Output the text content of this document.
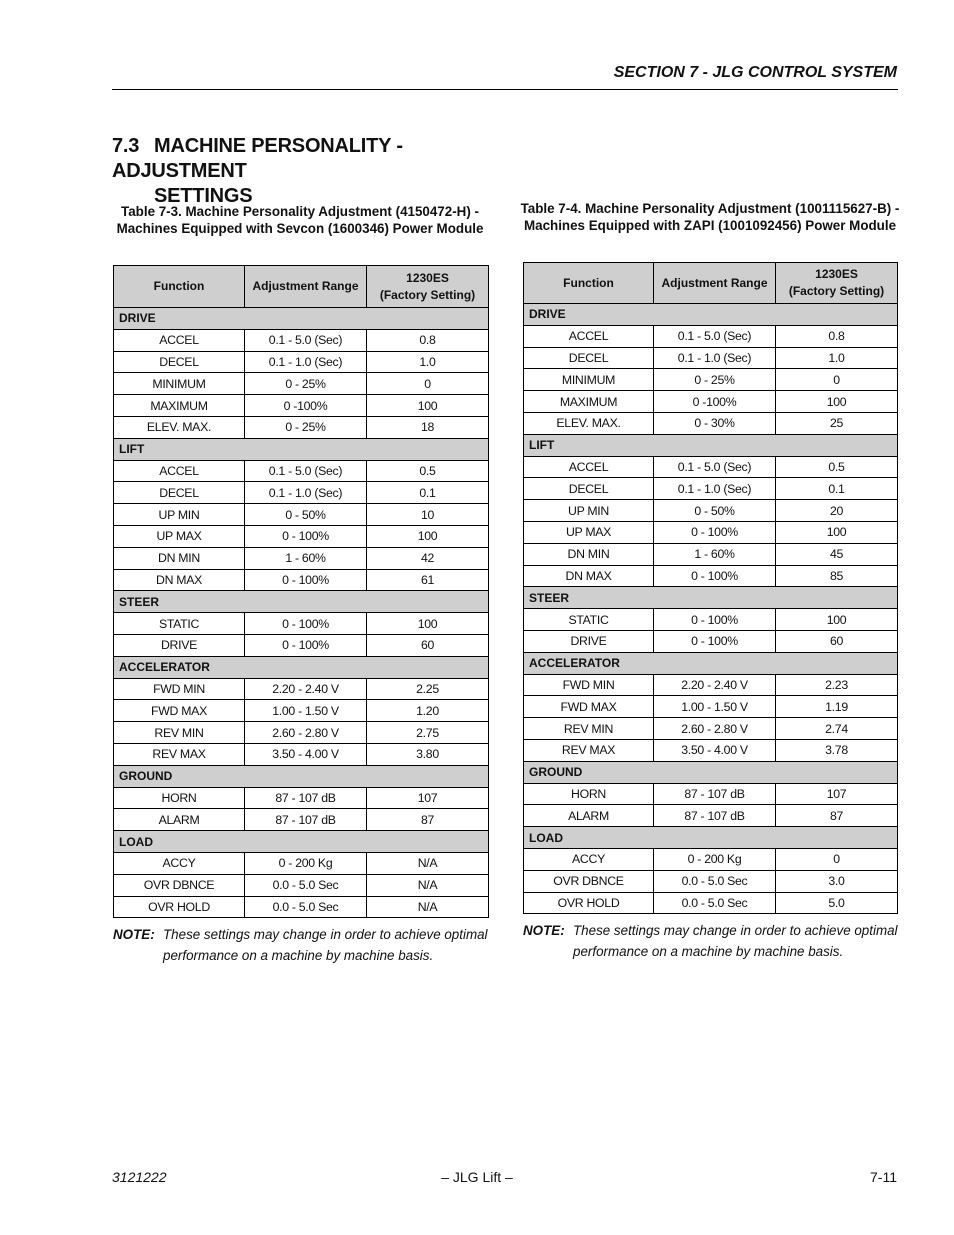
SECTION 7 - JLG CONTROL SYSTEM
7.3 MACHINE PERSONALITY - ADJUSTMENT
SETTINGS
Table 7-3. Machine Personality Adjustment (4150472-H) - Machines Equipped with Sevcon (1600346) Power Module
Function	Adjustment Range	1230ES
(Factory Setting)
DRIVE		
ACCEL	0.1 - 5.0 (Sec)	0.8
DECEL	0.1 - 1.0 (Sec)	1.0
MINIMUM	0 - 25%	0
MAXIMUM	0 -100%	100
ELEV. MAX.	0 - 25%	18
LIFT		
ACCEL	0.1 - 5.0 (Sec)	0.5
DECEL	0.1 - 1.0 (Sec)	0.1
UP MIN	0 - 50%	10
UP MAX	0 - 100%	100
DN MIN	1 - 60%	42
DN MAX	0 - 100%	61
STEER		
STATIC	0 - 100%	100
DRIVE	0 - 100%	60
ACCELERATOR		
FWD MIN	2.20 - 2.40 V	2.25
FWD MAX	1.00 - 1.50 V	1.20
REV MIN	2.60 - 2.80 V	2.75
REV MAX	3.50 - 4.00 V	3.80
GROUND		
HORN	87 - 107 dB	107
ALARM	87 - 107 dB	87
LOAD		
ACCY	0 - 200 Kg	N/A
OVR DBNCE	0.0 - 5.0 Sec	N/A
OVR HOLD	0.0 - 5.0 Sec	N/A
NOTE: These settings may change in order to achieve optimal performance on a machine by machine basis.
Table 7-4. Machine Personality Adjustment (1001115627-B) - Machines Equipped with ZAPI (1001092456) Power Module
Function	Adjustment Range	1230ES
(Factory Setting)
DRIVE		
ACCEL	0.1 - 5.0 (Sec)	0.8
DECEL	0.1 - 1.0 (Sec)	1.0
MINIMUM	0 - 25%	0
MAXIMUM	0 -100%	100
ELEV. MAX.	0 - 30%	25
LIFT		
ACCEL	0.1 - 5.0 (Sec)	0.5
DECEL	0.1 - 1.0 (Sec)	0.1
UP MIN	0 - 50%	20
UP MAX	0 - 100%	100
DN MIN	1 - 60%	45
DN MAX	0 - 100%	85
STEER		
STATIC	0 - 100%	100
DRIVE	0 - 100%	60
ACCELERATOR		
FWD MIN	2.20 - 2.40 V	2.23
FWD MAX	1.00 - 1.50 V	1.19
REV MIN	2.60 - 2.80 V	2.74
REV MAX	3.50 - 4.00 V	3.78
GROUND		
HORN	87 - 107 dB	107
ALARM	87 - 107 dB	87
LOAD		
ACCY	0 - 200 Kg	0
OVR DBNCE	0.0 - 5.0 Sec	3.0
OVR HOLD	0.0 - 5.0 Sec	5.0
NOTE: These settings may change in order to achieve optimal performance on a machine by machine basis.
3121222	– JLG Lift –	7-11
